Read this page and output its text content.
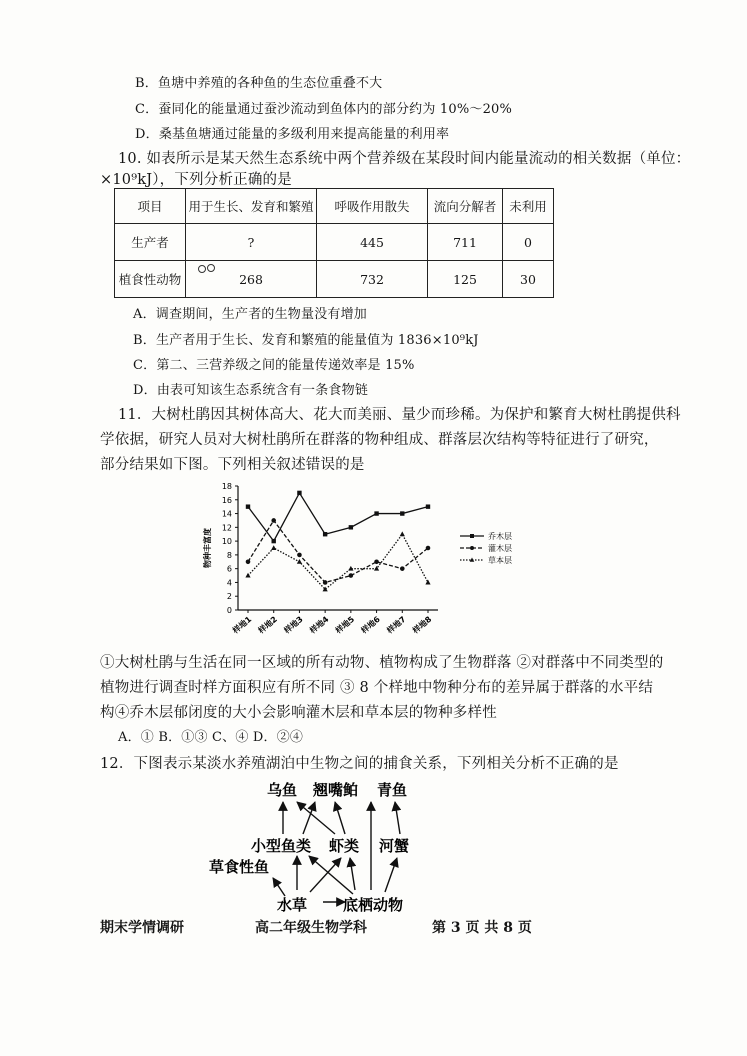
B．鱼塘中养殖的各种鱼的生态位重叠不大
C．蚕同化的能量通过蚕沙流动到鱼体内的部分约为 10%～20%
D．桑基鱼塘通过能量的多级利用来提高能量的利用率
10. 如表所示是某天然生态系统中两个营养级在某段时间内能量流动的相关数据（单位：
×10⁹kJ），下列分析正确的是
项目	用于生长、发育和繁殖	呼吸作用散失	流向分解者	未利用
生产者	?	445	711	0
植食性动物	268	732	125	30
A．调查期间，生产者的生物量没有增加
B．生产者用于生长、发育和繁殖的能量值为 1836×10⁹kJ
C．第二、三营养级之间的能量传递效率是 15%
D．由表可知该生态系统含有一条食物链
11．大树杜鹃因其树体高大、花大而美丽、量少而珍稀。为保护和繁育大树杜鹃提供科
学依据，研究人员对大树杜鹃所在群落的物种组成、群落层次结构等特征进行了研究，
部分结果如下图。下列相关叙述错误的是
0
2
4
6
8
10
12
14
16
18
物种丰富度
样地1 样地2 样地3 样地4 样地5 样地6 样地7 样地8
乔木层
灌木层
草本层
①大树杜鹃与生活在同一区域的所有动物、植物构成了生物群落 ②对群落中不同类型的
植物进行调查时样方面积应有所不同 ③ 8 个样地中物种分布的差异属于群落的水平结
构④乔木层郁闭度的大小会影响灌木层和草本层的物种多样性
A．① B．①③ C、④ D．②④
12．下图表示某淡水养殖湖泊中生物之间的捕食关系，下列相关分析不正确的是
乌鱼 翘嘴鲌 青鱼
小型鱼类 虾类 河蟹
草食性鱼
水草 底栖动物
期末学情调研	高二年级生物学科	第 3 页 共 8 页
